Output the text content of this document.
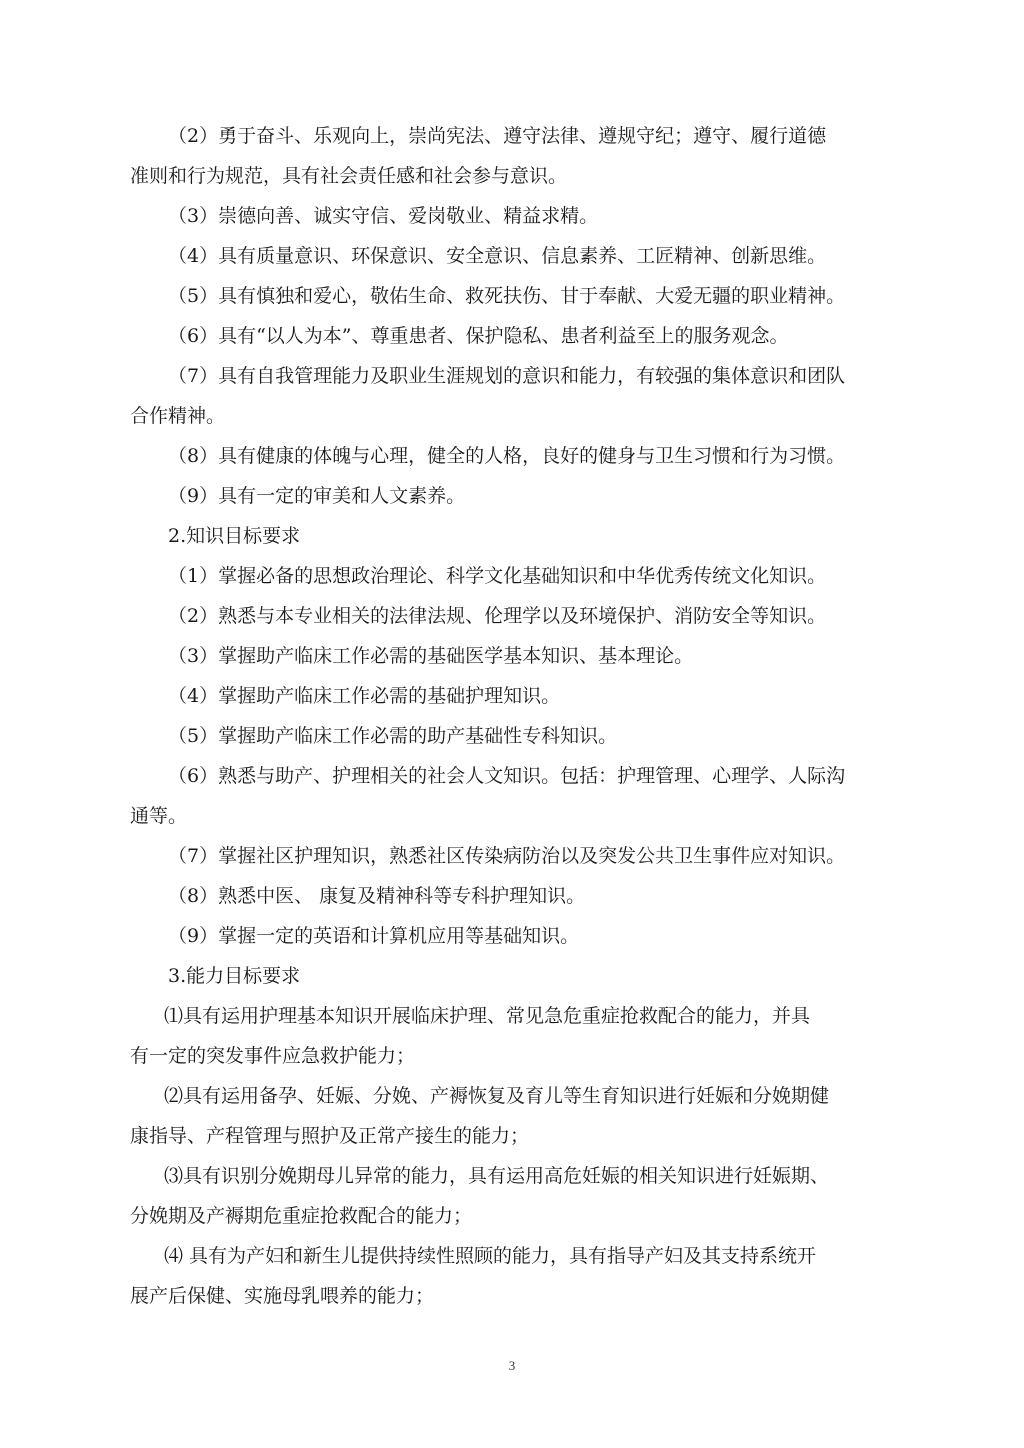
（2）勇于奋斗、乐观向上，崇尚宪法、遵守法律、遵规守纪；遵守、履行道德
准则和行为规范，具有社会责任感和社会参与意识。
（3）崇德向善、诚实守信、爱岗敬业、精益求精。
（4）具有质量意识、环保意识、安全意识、信息素养、工匠精神、创新思维。
（5）具有慎独和爱心，敬佑生命、救死扶伤、甘于奉献、大爱无疆的职业精神。
（6）具有“以人为本”、尊重患者、保护隐私、患者利益至上的服务观念。
（7）具有自我管理能力及职业生涯规划的意识和能力，有较强的集体意识和团队
合作精神。
（8）具有健康的体魄与心理，健全的人格，良好的健身与卫生习惯和行为习惯。
（9）具有一定的审美和人文素养。
2.知识目标要求
（1）掌握必备的思想政治理论、科学文化基础知识和中华优秀传统文化知识。
（2）熟悉与本专业相关的法律法规、伦理学以及环境保护、消防安全等知识。
（3）掌握助产临床工作必需的基础医学基本知识、基本理论。
（4）掌握助产临床工作必需的基础护理知识。
（5）掌握助产临床工作必需的助产基础性专科知识。
（6）熟悉与助产、护理相关的社会人文知识。包括：护理管理、心理学、人际沟
通等。
（7）掌握社区护理知识，熟悉社区传染病防治以及突发公共卫生事件应对知识。
（8）熟悉中医、 康复及精神科等专科护理知识。
（9）掌握一定的英语和计算机应用等基础知识。
3.能力目标要求
⑴具有运用护理基本知识开展临床护理、常见急危重症抢救配合的能力，并具
有一定的突发事件应急救护能力；
⑵具有运用备孕、妊娠、分娩、产褥恢复及育儿等生育知识进行妊娠和分娩期健
康指导、产程管理与照护及正常产接生的能力；
⑶具有识别分娩期母儿异常的能力，具有运用高危妊娠的相关知识进行妊娠期、
分娩期及产褥期危重症抢救配合的能力；
⑷ 具有为产妇和新生儿提供持续性照顾的能力，具有指导产妇及其支持系统开
展产后保健、实施母乳喂养的能力；
3
